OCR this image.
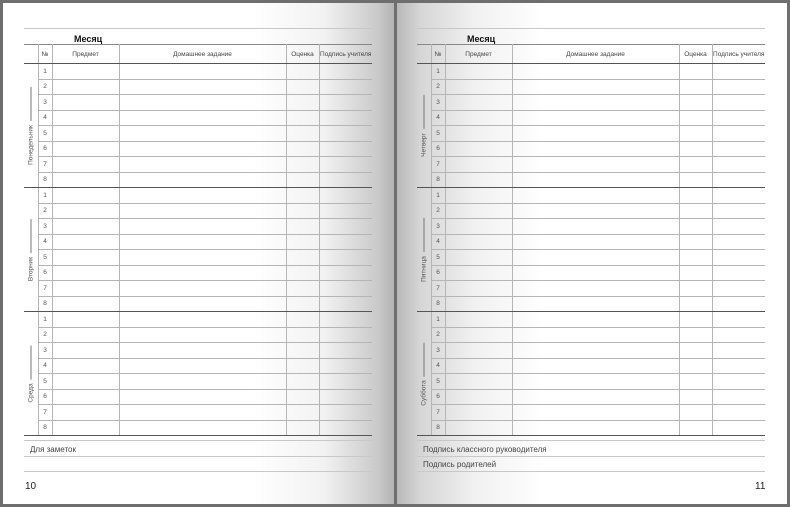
Месяц
	№	Предмет	Домашнее задание	Оценка	Подпись учителя

Понедельник	1				
	2				
	3				
	4				
	5				
	6				
	7				
	8				

Вторник	1				
	2				
	3				
	4				
	5				
	6				
	7				
	8				

Среда	1				
	2				
	3				
	4				
	5				
	6				
	7				
	8				
Для заметок
10
Месяц
	№	Предмет	Домашнее задание	Оценка	Подпись учителя

Четверг	1				
	2				
	3				
	4				
	5				
	6				
	7				
	8				

Пятница	1				
	2				
	3				
	4				
	5				
	6				
	7				
	8				

Суббота	1				
	2				
	3				
	4				
	5				
	6				
	7				
	8				
Подпись классного руководителя
Подпись родителей
11
